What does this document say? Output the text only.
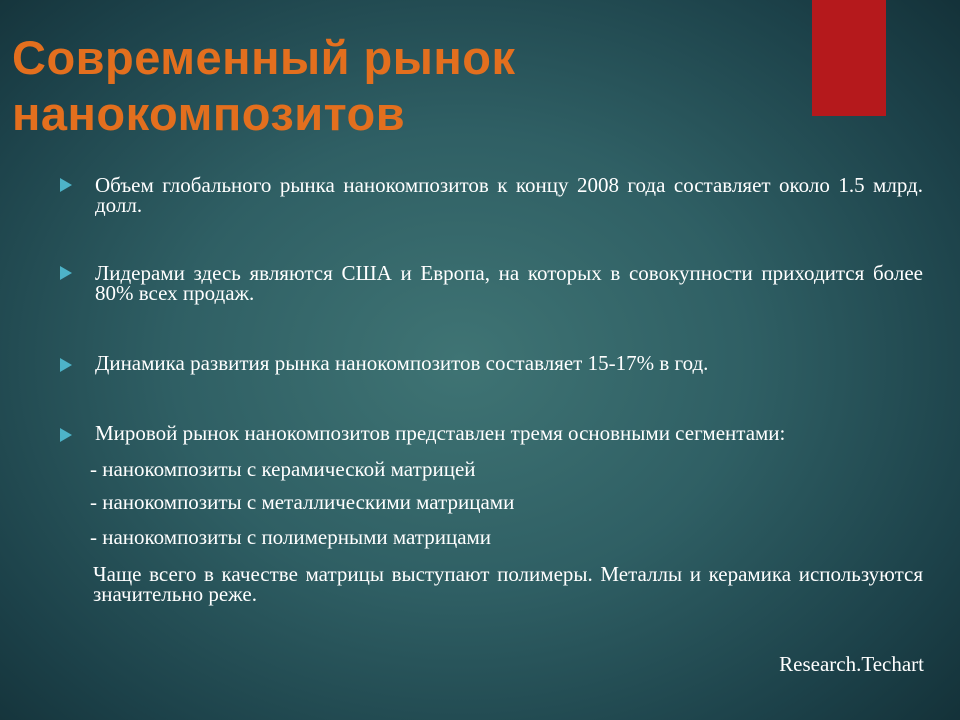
Современный рынок нанокомпозитов
Объем глобального рынка нанокомпозитов к концу 2008 года составляет около 1.5 млрд. долл.
Лидерами здесь являются США и Европа, на которых в совокупности приходится более 80% всех продаж.
Динамика развития рынка нанокомпозитов составляет 15-17% в год.
Мировой рынок нанокомпозитов представлен тремя основными сегментами:
- нанокомпозиты с керамической матрицей
- нанокомпозиты с металлическими матрицами
- нанокомпозиты с полимерными матрицами
Чаще всего в качестве матрицы выступают полимеры. Металлы и керамика используются значительно реже.
Research.Techart
